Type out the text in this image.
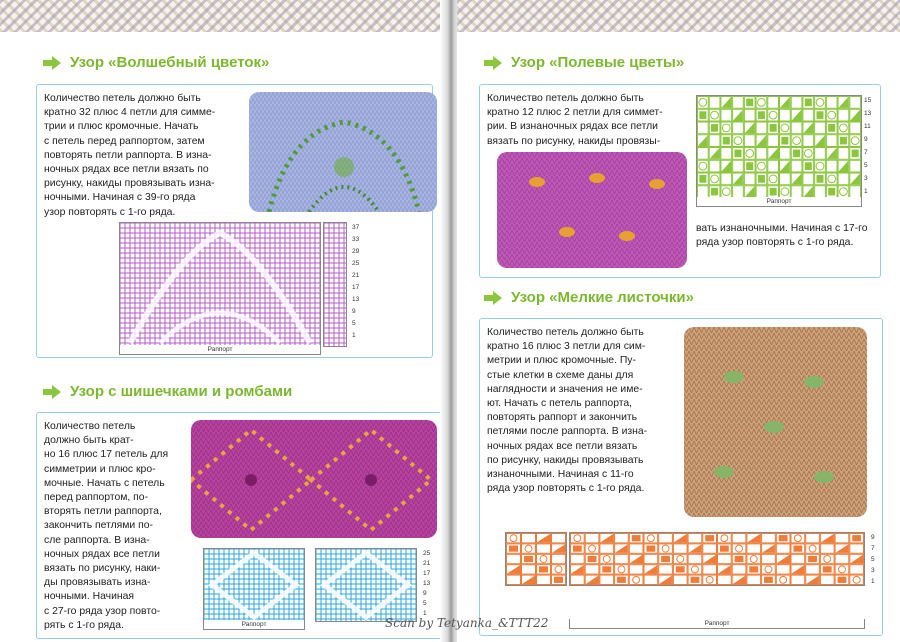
Узор «Волшебный цветок»
Количество петель должно быть
кратно 32 плюс 4 петли для симме-
трии и плюс кромочные. Начать
с петель перед раппортом, затем
повторять петли раппорта. В изна-
ночных рядах все петли вязать по
рисунку, накиды провязывать изна-
ночными. Начиная с 39-го ряда
узор повторять с 1-го ряда.
Раппорт
37
33
29
25
21
17
13
9
5
1
Узор с шишечками и ромбами
Количество петель
должно быть крат-
но 16 плюс 17 петель для
симметрии и плюс кро-
мочные. Начать с петель
перед раппортом, по-
вторять петли раппорта,
закончить петлями по-
сле раппорта. В изна-
ночных рядах все петли
вязать по рисунку, наки-
ды провязывать изна-
ночными. Начиная
с 27-го ряда узор повто-
рять с 1-го ряда.	Раппорт
25
21
17
13
9
5
1
Узор «Полевые цветы»
Количество петель должно быть
кратно 12 плюс 2 петли для симмет-
рии. В изнаночных рядах все петли
вязать по рисунку, накиды провязы-
Раппорт
15
13
11
9
7
5
3
1
вать изнаночными. Начиная с 17-го
ряда узор повторять с 1-го ряда.
Узор «Мелкие листочки»
Количество петель должно быть
кратно 16 плюс 3 петли для сим-
метрии и плюс кромочные. Пу-
стые клетки в схеме даны для
наглядности и значения не име-
ют. Начать с петель раппорта,
повторять раппорт и закончить
петлями после раппорта. В изна-
ночных рядах все петли вязать
по рисунку, накиды провязывать
изнаночными. Начиная с 11-го
ряда узор повторять с 1-го ряда.
Раппорт
9
7
5
3
1
Scan by Tetyanka_&TTT22
